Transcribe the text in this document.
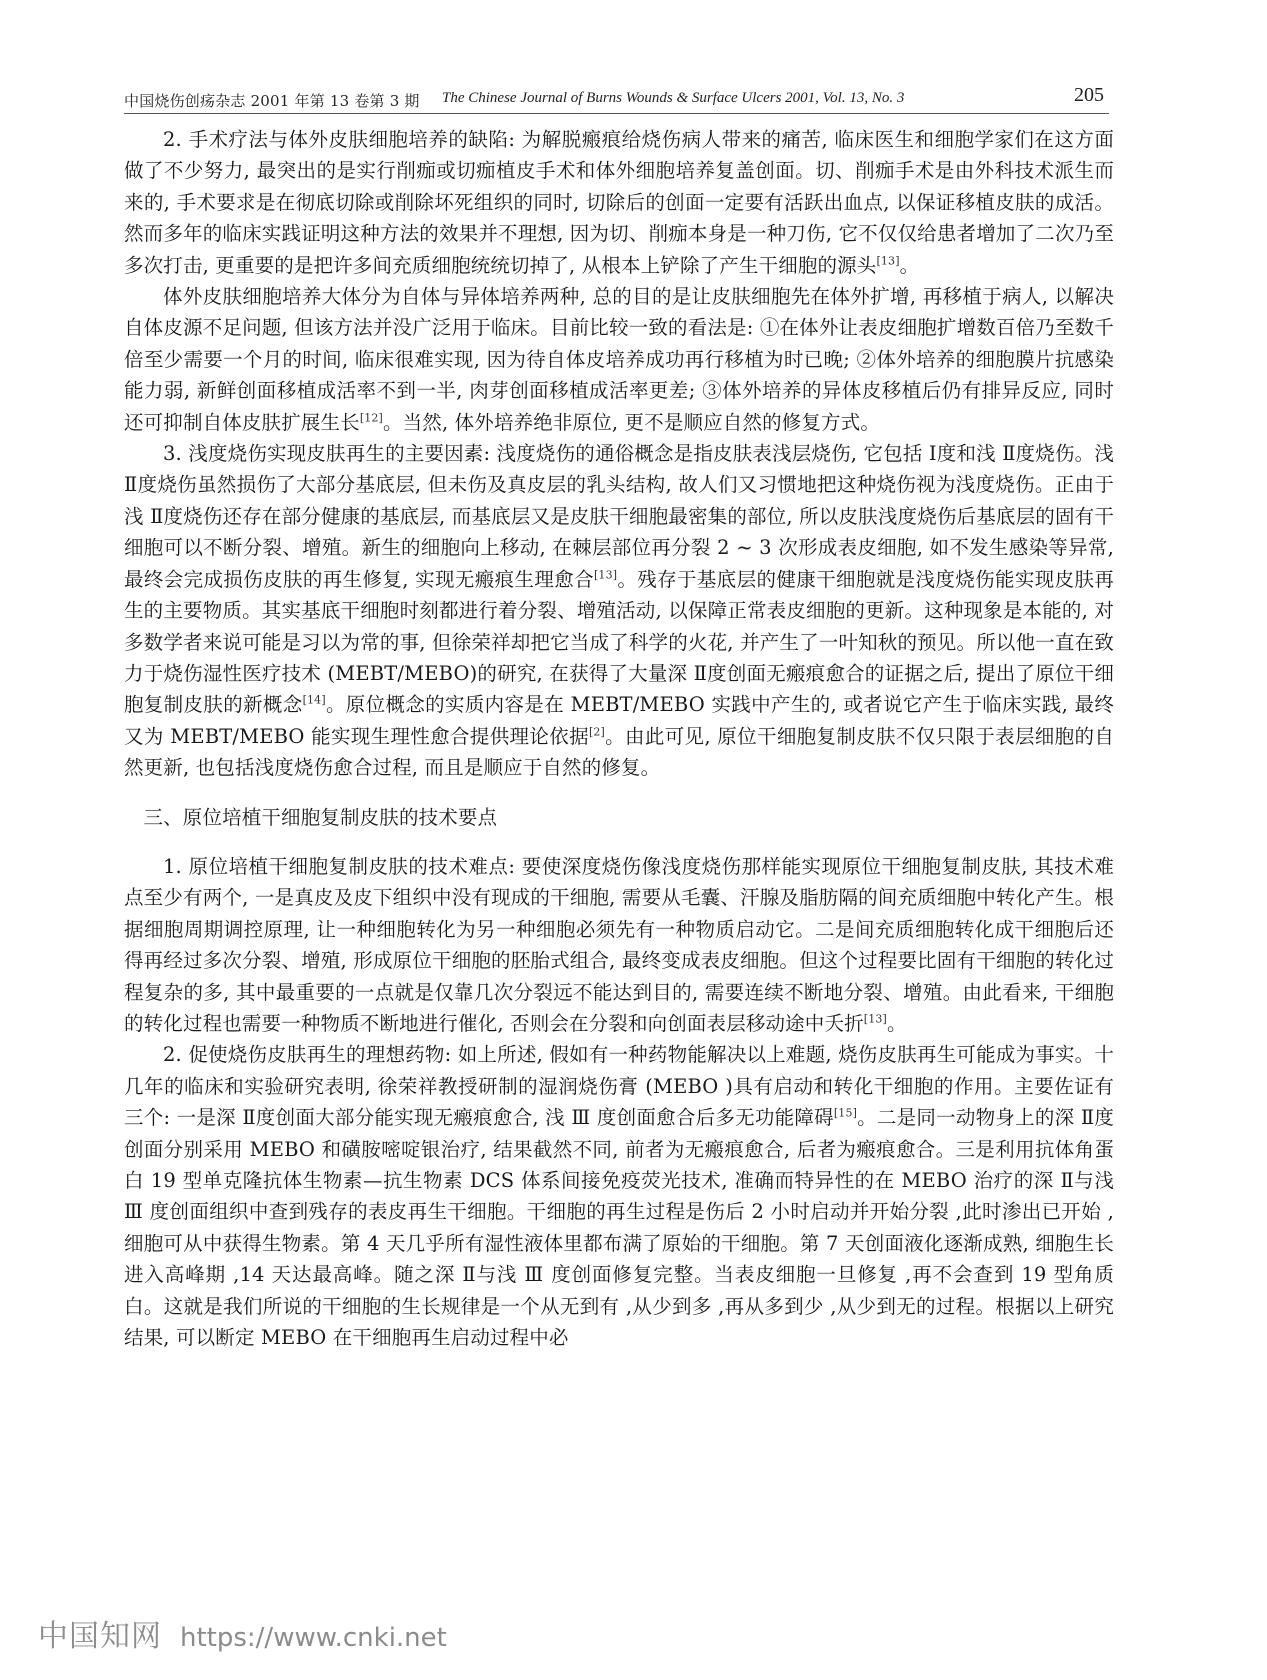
中国烧伤创疡杂志 2001 年第 13 卷第 3 期 The Chinese Journal of Burns Wounds & Surface Ulcers 2001, Vol. 13, No. 3	205

2. 手术疗法与体外皮肤细胞培养的缺陷: 为解脱瘢痕给烧伤病人带来的痛苦, 临床医生和细胞学家们在这方面做了不少努力, 最突出的是实行削痂或切痂植皮手术和体外细胞培养复盖创面。切、削痂手术是由外科技术派生而来的, 手术要求是在彻底切除或削除坏死组织的同时, 切除后的创面一定要有活跃出血点, 以保证移植皮肤的成活。然而多年的临床实践证明这种方法的效果并不理想, 因为切、削痂本身是一种刀伤, 它不仅仅给患者增加了二次乃至多次打击, 更重要的是把许多间充质细胞统统切掉了, 从根本上铲除了产生干细胞的源头[13]。

体外皮肤细胞培养大体分为自体与异体培养两种, 总的目的是让皮肤细胞先在体外扩增, 再移植于病人, 以解决自体皮源不足问题, 但该方法并没广泛用于临床。目前比较一致的看法是: ①在体外让表皮细胞扩增数百倍乃至数千倍至少需要一个月的时间, 临床很难实现, 因为待自体皮培养成功再行移植为时已晚; ②体外培养的细胞膜片抗感染能力弱, 新鲜创面移植成活率不到一半, 肉芽创面移植成活率更差; ③体外培养的异体皮移植后仍有排异反应, 同时还可抑制自体皮肤扩展生长[12]。当然, 体外培养绝非原位, 更不是顺应自然的修复方式。

3. 浅度烧伤实现皮肤再生的主要因素: 浅度烧伤的通俗概念是指皮肤表浅层烧伤, 它包括 Ⅰ度和浅 Ⅱ度烧伤。浅 Ⅱ度烧伤虽然损伤了大部分基底层, 但未伤及真皮层的乳头结构, 故人们又习惯地把这种烧伤视为浅度烧伤。正由于浅 Ⅱ度烧伤还存在部分健康的基底层, 而基底层又是皮肤干细胞最密集的部位, 所以皮肤浅度烧伤后基底层的固有干细胞可以不断分裂、增殖。新生的细胞向上移动, 在棘层部位再分裂 2 ~ 3 次形成表皮细胞, 如不发生感染等异常, 最终会完成损伤皮肤的再生修复, 实现无瘢痕生理愈合[13]。残存于基底层的健康干细胞就是浅度烧伤能实现皮肤再生的主要物质。其实基底干细胞时刻都进行着分裂、增殖活动, 以保障正常表皮细胞的更新。这种现象是本能的, 对多数学者来说可能是习以为常的事, 但徐荣祥却把它当成了科学的火花, 并产生了一叶知秋的预见。所以他一直在致力于烧伤湿性医疗技术 (MEBT/MEBO)的研究, 在获得了大量深 Ⅱ度创面无瘢痕愈合的证据之后, 提出了原位干细胞复制皮肤的新概念[14]。原位概念的实质内容是在 MEBT/MEBO 实践中产生的, 或者说它产生于临床实践, 最终又为 MEBT/MEBO 能实现生理性愈合提供理论依据[2]。由此可见, 原位干细胞复制皮肤不仅只限于表层细胞的自然更新, 也包括浅度烧伤愈合过程, 而且是顺应于自然的修复。

三、原位培植干细胞复制皮肤的技术要点

1. 原位培植干细胞复制皮肤的技术难点: 要使深度烧伤像浅度烧伤那样能实现原位干细胞复制皮肤, 其技术难点至少有两个, 一是真皮及皮下组织中没有现成的干细胞, 需要从毛囊、汗腺及脂肪隔的间充质细胞中转化产生。根据细胞周期调控原理, 让一种细胞转化为另一种细胞必须先有一种物质启动它。二是间充质细胞转化成干细胞后还得再经过多次分裂、增殖, 形成原位干细胞的胚胎式组合, 最终变成表皮细胞。但这个过程要比固有干细胞的转化过程复杂的多, 其中最重要的一点就是仅靠几次分裂远不能达到目的, 需要连续不断地分裂、增殖。由此看来, 干细胞的转化过程也需要一种物质不断地进行催化, 否则会在分裂和向创面表层移动途中夭折[13]。

2. 促使烧伤皮肤再生的理想药物: 如上所述, 假如有一种药物能解决以上难题, 烧伤皮肤再生可能成为事实。十几年的临床和实验研究表明, 徐荣祥教授研制的湿润烧伤膏 (MEBO )具有启动和转化干细胞的作用。主要佐证有三个: 一是深 Ⅱ度创面大部分能实现无瘢痕愈合, 浅 Ⅲ 度创面愈合后多无功能障碍[15]。二是同一动物身上的深 Ⅱ度创面分别采用 MEBO 和磺胺嘧啶银治疗, 结果截然不同, 前者为无瘢痕愈合, 后者为瘢痕愈合。三是利用抗体角蛋白 19 型单克隆抗体生物素—抗生物素 DCS 体系间接免疫荧光技术, 准确而特异性的在 MEBO 治疗的深 Ⅱ与浅 Ⅲ 度创面组织中查到残存的表皮再生干细胞。干细胞的再生过程是伤后 2 小时启动并开始分裂 ,此时渗出已开始 ,细胞可从中获得生物素。第 4 天几乎所有湿性液体里都布满了原始的干细胞。第 7 天创面液化逐渐成熟, 细胞生长进入高峰期 ,14 天达最高峰。随之深 Ⅱ与浅 Ⅲ 度创面修复完整。当表皮细胞一旦修复 ,再不会查到 19 型角质白。这就是我们所说的干细胞的生长规律是一个从无到有 ,从少到多 ,再从多到少 ,从少到无的过程。根据以上研究结果, 可以断定 MEBO 在干细胞再生启动过程中必

中国知网 https://www.cnki.net
